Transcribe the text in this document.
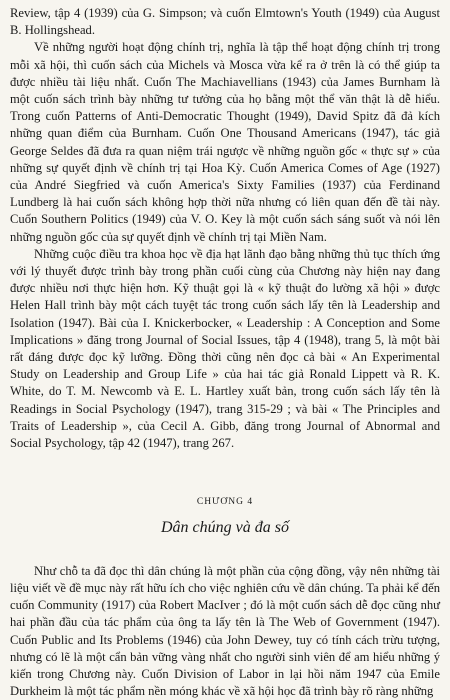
Review, tập 4 (1939) của G. Simpson; và cuốn Elmtown's Youth (1949) của August B. Hollingshead.

Về những người hoạt động chính trị, nghĩa là tập thể hoạt động chính trị trong mỗi xã hội, thì cuốn sách của Michels và Mosca vừa kể ra ở trên là có thể giúp ta được nhiều tài liệu nhất. Cuốn The Machiavellians (1943) của James Burnham là một cuốn sách trình bày những tư tưởng của họ bằng một thể văn thật là dễ hiểu. Trong cuốn Patterns of Anti-Democratic Thought (1949), David Spitz đã đả kích những quan điểm của Burnham. Cuốn One Thousand Americans (1947), tác giả George Seldes đã đưa ra quan niệm trái ngược về những nguồn gốc « thực sự » của những sự quyết định về chính trị tại Hoa Kỳ. Cuốn America Comes of Age (1927) của André Siegfried và cuốn America's Sixty Families (1937) của Ferdinand Lundberg là hai cuốn sách không hợp thời nữa nhưng có liên quan đến đề tài này. Cuốn Southern Politics (1949) của V. O. Key là một cuốn sách sáng suốt và nói lên những nguồn gốc của sự quyết định về chính trị tại Miền Nam.

Những cuộc điều tra khoa học về địa hạt lãnh đạo bằng những thủ tục thích ứng với lý thuyết được trình bày trong phần cuối cùng của Chương này hiện nay đang được nhiều nơi thực hiện hơn. Kỹ thuật gọi là « kỹ thuật đo lường xã hội » được Helen Hall trình bày một cách tuyệt tác trong cuốn sách lấy tên là Leadership and Isolation (1947). Bài của I. Knickerbocker, « Leadership : A Conception and Some Implications » đăng trong Journal of Social Issues, tập 4 (1948), trang 5, là một bài rất đáng được đọc kỹ lưỡng. Đồng thời cũng nên đọc cả bài « An Experimental Study on Leadership and Group Life » của hai tác giả Ronald Lippett và R. K. White, do T. M. Newcomb và E. L. Hartley xuất bản, trong cuốn sách lấy tên là Readings in Social Psychology (1947), trang 315-29 ; và bài « The Principles and Traits of Leadership », của Cecil A. Gibb, đăng trong Journal of Abnormal and Social Psychology, tập 42 (1947), trang 267.

CHƯƠNG 4
Dân chúng và đa số

Như chỗ ta đã đọc thì dân chúng là một phần của cộng đồng, vậy nên những tài liệu viết về đề mục này rất hữu ích cho việc nghiên cứu về dân chúng. Ta phải kể đến cuốn Community (1917) của Robert MacIver ; đó là một cuốn sách dễ đọc cũng như hai phần đầu của tác phẩm của ông ta lấy tên là The Web of Government (1947). Cuốn Public and Its Problems (1946) của John Dewey, tuy có tính cách trừu tượng, nhưng có lẽ là một cẩn bản vững vàng nhất cho người sinh viên để am hiểu những ý kiến trong Chương này. Cuốn Division of Labor in lại hồi năm 1947 của Emile Durkheim là một tác phẩm nền móng khác về xã hội học đã trình bày rõ ràng những
